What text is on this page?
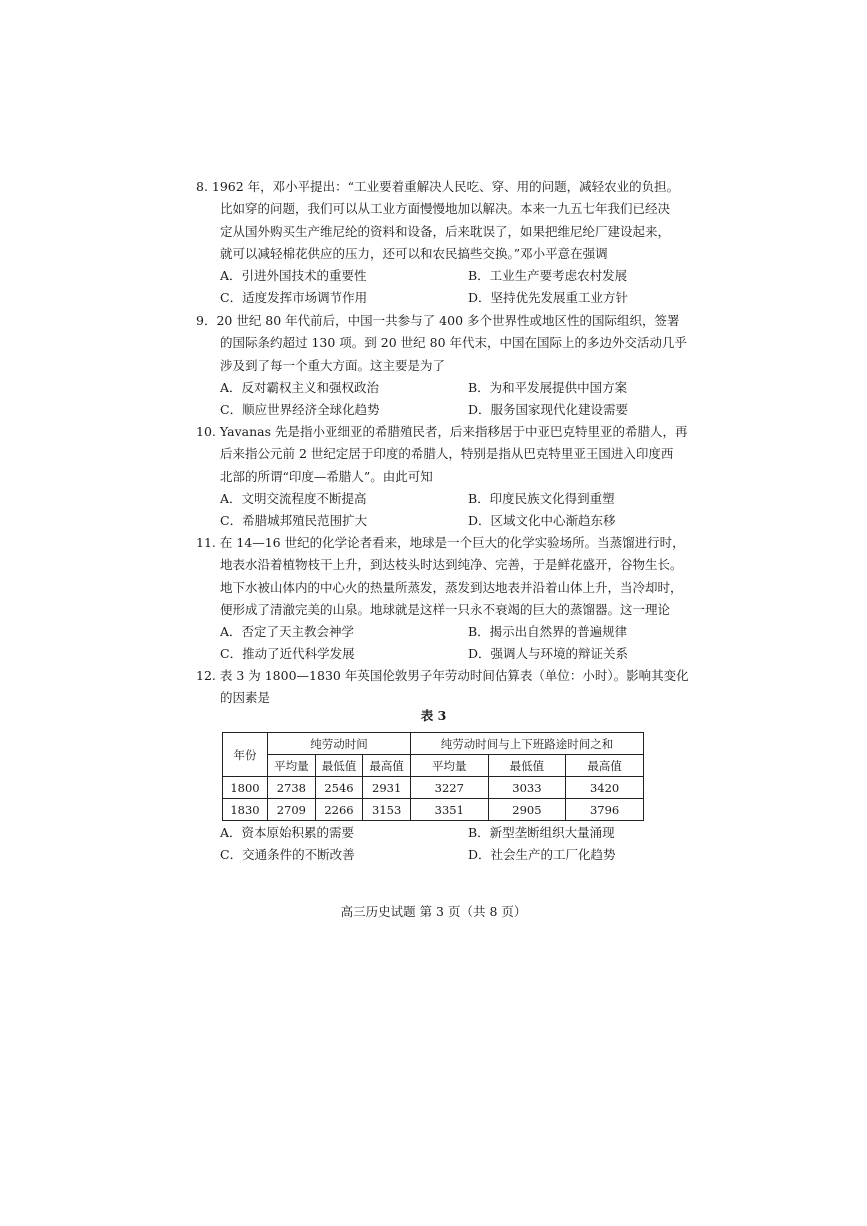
8. 1962 年，邓小平提出：“工业要着重解决人民吃、穿、用的问题，减轻农业的负担。
比如穿的问题，我们可以从工业方面慢慢地加以解决。本来一九五七年我们已经决
定从国外购买生产维尼纶的资料和设备，后来耽误了，如果把维尼纶厂建设起来，
就可以减轻棉花供应的压力，还可以和农民搞些交换。”邓小平意在强调
A．引进外国技术的重要性	B．工业生产要考虑农村发展
C．适度发挥市场调节作用	D．坚持优先发展重工业方针
9．20 世纪 80 年代前后，中国一共参与了 400 多个世界性或地区性的国际组织，签署
的国际条约超过 130 项。到 20 世纪 80 年代末，中国在国际上的多边外交活动几乎
涉及到了每一个重大方面。这主要是为了
A．反对霸权主义和强权政治	B．为和平发展提供中国方案
C．顺应世界经济全球化趋势	D．服务国家现代化建设需要
10. Yavanas 先是指小亚细亚的希腊殖民者，后来指移居于中亚巴克特里亚的希腊人，再
后来指公元前 2 世纪定居于印度的希腊人，特别是指从巴克特里亚王国进入印度西
北部的所谓“印度—希腊人”。由此可知
A．文明交流程度不断提高	B．印度民族文化得到重塑
C．希腊城邦殖民范围扩大	D．区域文化中心渐趋东移
11. 在 14—16 世纪的化学论者看来，地球是一个巨大的化学实验场所。当蒸馏进行时，
地表水沿着植物枝干上升，到达枝头时达到纯净、完善，于是鲜花盛开，谷物生长。
地下水被山体内的中心火的热量所蒸发，蒸发到达地表并沿着山体上升，当冷却时，
便形成了清澈完美的山泉。地球就是这样一只永不衰竭的巨大的蒸馏器。这一理论
A．否定了天主教会神学	B．揭示出自然界的普遍规律
C．推动了近代科学发展	D．强调人与环境的辩证关系
12. 表 3 为 1800—1830 年英国伦敦男子年劳动时间估算表（单位：小时）。影响其变化
的因素是
表 3
年份	纯劳动时间			纯劳动时间与上下班路途时间之和		
	平均量	最低值	最高值	平均量	最低值	最高值
1800	2738	2546	2931	3227	3033	3420
1830	2709	2266	3153	3351	2905	3796
A．资本原始积累的需要	B．新型垄断组织大量涌现
C．交通条件的不断改善	D．社会生产的工厂化趋势
高三历史试题 第 3 页（共 8 页）
